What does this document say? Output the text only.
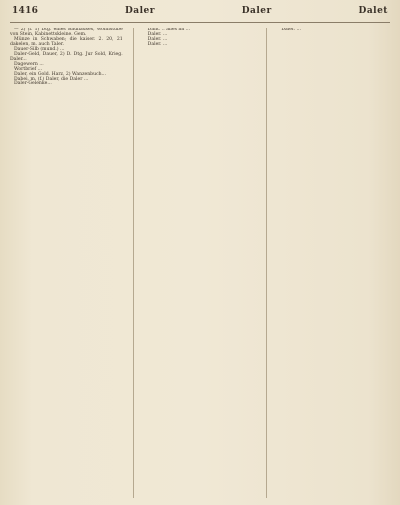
1416	Daler	Daler	Dalet

— 2) (f. 1) Dtg. eines Bauhauses, Wohnstube von Stein, Kabinettskleine. Gem.

Münze in Schwaben; die kaiser. 2. 20, 21 dakelen, m. auch Taler.

Dauer-Silb (mund.) ...

Daler-Geld, Dauer, 2) D. Dtg. Jur Sold, Krieg. Daler...

Dagewern ...

Wortbrief ...

Daler, ein Gold. Harz, 2) Wanzenbuch...

Dabei, m. (f.) Daler, die Daler ...

Daler-Gelenke...

Dant. .. alles im ...

Daler. ...

Daler. ...

Daler. ...

Daler. ...
